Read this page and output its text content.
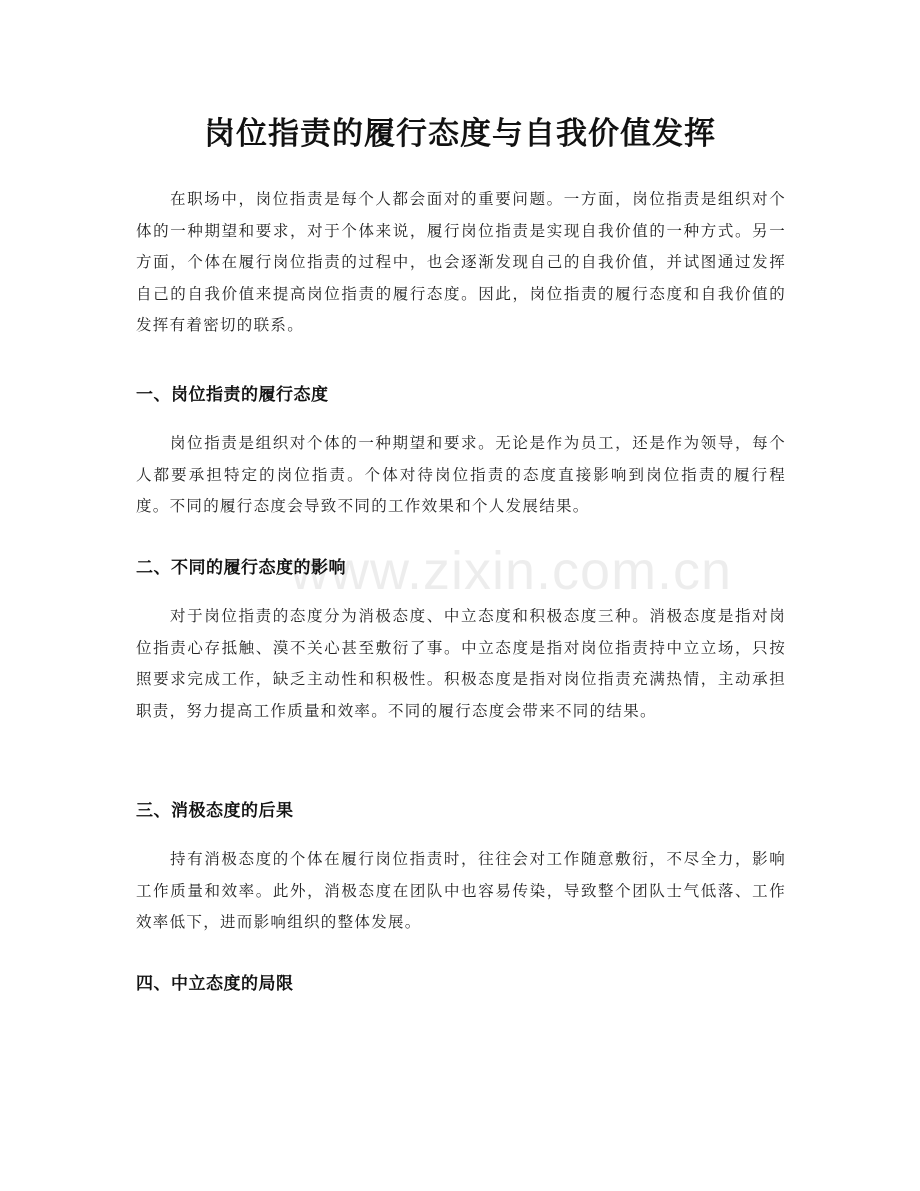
岗位指责的履行态度与自我价值发挥

在职场中，岗位指责是每个人都会面对的重要问题。一方面，岗位指责是组织对个体的一种期望和要求，对于个体来说，履行岗位指责是实现自我价值的一种方式。另一方面，个体在履行岗位指责的过程中，也会逐渐发现自己的自我价值，并试图通过发挥自己的自我价值来提高岗位指责的履行态度。因此，岗位指责的履行态度和自我价值的发挥有着密切的联系。

一、岗位指责的履行态度

岗位指责是组织对个体的一种期望和要求。无论是作为员工，还是作为领导，每个人都要承担特定的岗位指责。个体对待岗位指责的态度直接影响到岗位指责的履行程度。不同的履行态度会导致不同的工作效果和个人发展结果。

二、不同的履行态度的影响

对于岗位指责的态度分为消极态度、中立态度和积极态度三种。消极态度是指对岗位指责心存抵触、漠不关心甚至敷衍了事。中立态度是指对岗位指责持中立立场，只按照要求完成工作，缺乏主动性和积极性。积极态度是指对岗位指责充满热情，主动承担职责，努力提高工作质量和效率。不同的履行态度会带来不同的结果。

三、消极态度的后果

持有消极态度的个体在履行岗位指责时，往往会对工作随意敷衍，不尽全力，影响工作质量和效率。此外，消极态度在团队中也容易传染，导致整个团队士气低落、工作效率低下，进而影响组织的整体发展。

四、中立态度的局限
www.zixin.com.cn
